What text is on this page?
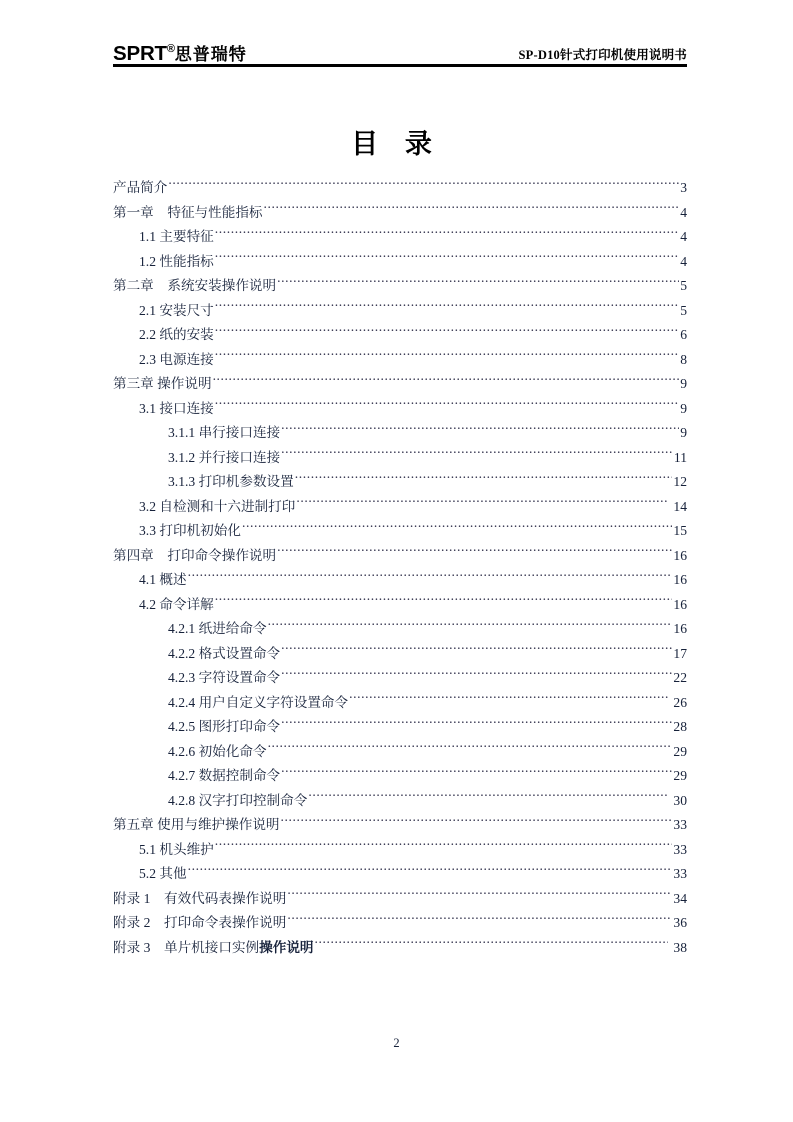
SPRT®思普瑞特	SP-D10针式打印机使用说明书
目 录
产品简介 .....	3
第一章　特征与性能指标 .....	4
1.1 主要特征 .....	4
1.2 性能指标 .....	4
第二章　系统安装操作说明 .....	5
2.1 安装尺寸 .....	5
2.2 纸的安装 .....	6
2.3 电源连接 .....	8
第三章 操作说明 .....	9
3.1 接口连接 .....	9
3.1.1 串行接口连接 .....	9
3.1.2 并行接口连接 .....	11
3.1.3 打印机参数设置 .....	12
3.2 自检测和十六进制打印 .....	14
3.3 打印机初始化 .....	15
第四章　打印命令操作说明 .....	16
4.1 概述 .....	16
4.2 命令详解 .....	16
4.2.1 纸进给命令 .....	16
4.2.2 格式设置命令 .....	17
4.2.3 字符设置命令 .....	22
4.2.4 用户自定义字符设置命令 .....	26
4.2.5 图形打印命令 .....	28
4.2.6 初始化命令 .....	29
4.2.7 数据控制命令 .....	29
4.2.8 汉字打印控制命令 .....	30
第五章 使用与维护操作说明 .....	33
5.1 机头维护 .....	33
5.2 其他 .....	33
附录 1　有效代码表操作说明 .....	34
附录 2　打印命令表操作说明 .....	36
附录 3　单片机接口实例操作说明 .....	38
2
